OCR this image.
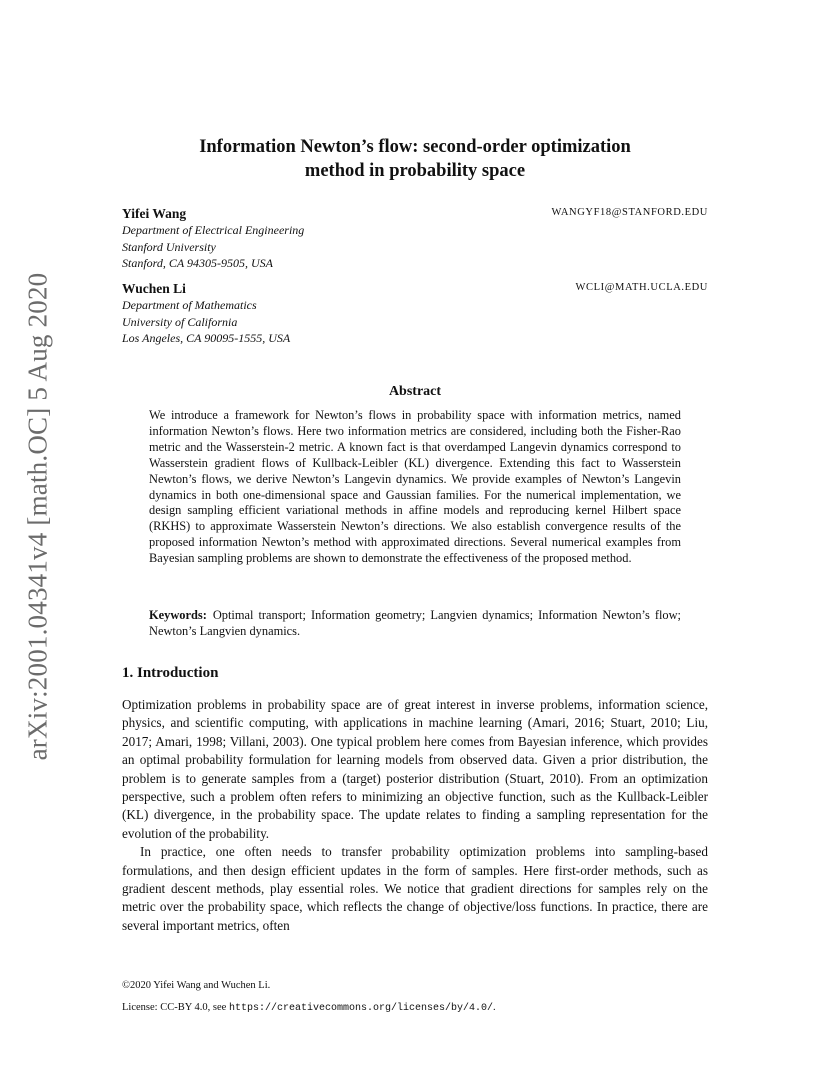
arXiv:2001.04341v4 [math.OC] 5 Aug 2020
Information Newton’s flow: second-order optimization
method in probability space
Yifei Wang	WANGYF18@STANFORD.EDU
Department of Electrical Engineering
Stanford University
Stanford, CA 94305-9505, USA
Wuchen Li	WCLI@MATH.UCLA.EDU
Department of Mathematics
University of California
Los Angeles, CA 90095-1555, USA
Abstract
We introduce a framework for Newton’s flows in probability space with information metrics, named information Newton’s flows. Here two information metrics are considered, including both the Fisher-Rao metric and the Wasserstein-2 metric. A known fact is that overdamped Langevin dynamics correspond to Wasserstein gradient flows of Kullback-Leibler (KL) divergence. Extending this fact to Wasserstein Newton’s flows, we derive Newton’s Langevin dynamics. We provide examples of Newton’s Langevin dynamics in both one-dimensional space and Gaussian families. For the numerical implementation, we design sampling efficient variational methods in affine models and reproducing kernel Hilbert space (RKHS) to approximate Wasserstein Newton’s directions. We also establish convergence results of the proposed information Newton’s method with approximated directions. Several numerical examples from Bayesian sampling problems are shown to demonstrate the effectiveness of the proposed method.
Keywords: Optimal transport; Information geometry; Langvien dynamics; Information Newton’s flow; Newton’s Langvien dynamics.
1. Introduction

Optimization problems in probability space are of great interest in inverse problems, information science, physics, and scientific computing, with applications in machine learning (Amari, 2016; Stuart, 2010; Liu, 2017; Amari, 1998; Villani, 2003). One typical problem here comes from Bayesian inference, which provides an optimal probability formulation for learning models from observed data. Given a prior distribution, the problem is to generate samples from a (target) posterior distribution (Stuart, 2010). From an optimization perspective, such a problem often refers to minimizing an objective function, such as the Kullback-Leibler (KL) divergence, in the probability space. The update relates to finding a sampling representation for the evolution of the probability.

In practice, one often needs to transfer probability optimization problems into sampling-based formulations, and then design efficient updates in the form of samples. Here first-order methods, such as gradient descent methods, play essential roles. We notice that gradient directions for samples rely on the metric over the probability space, which reflects the change of objective/loss functions. In practice, there are several important metrics, often

©2020 Yifei Wang and Wuchen Li.
License: CC-BY 4.0, see https://creativecommons.org/licenses/by/4.0/.
